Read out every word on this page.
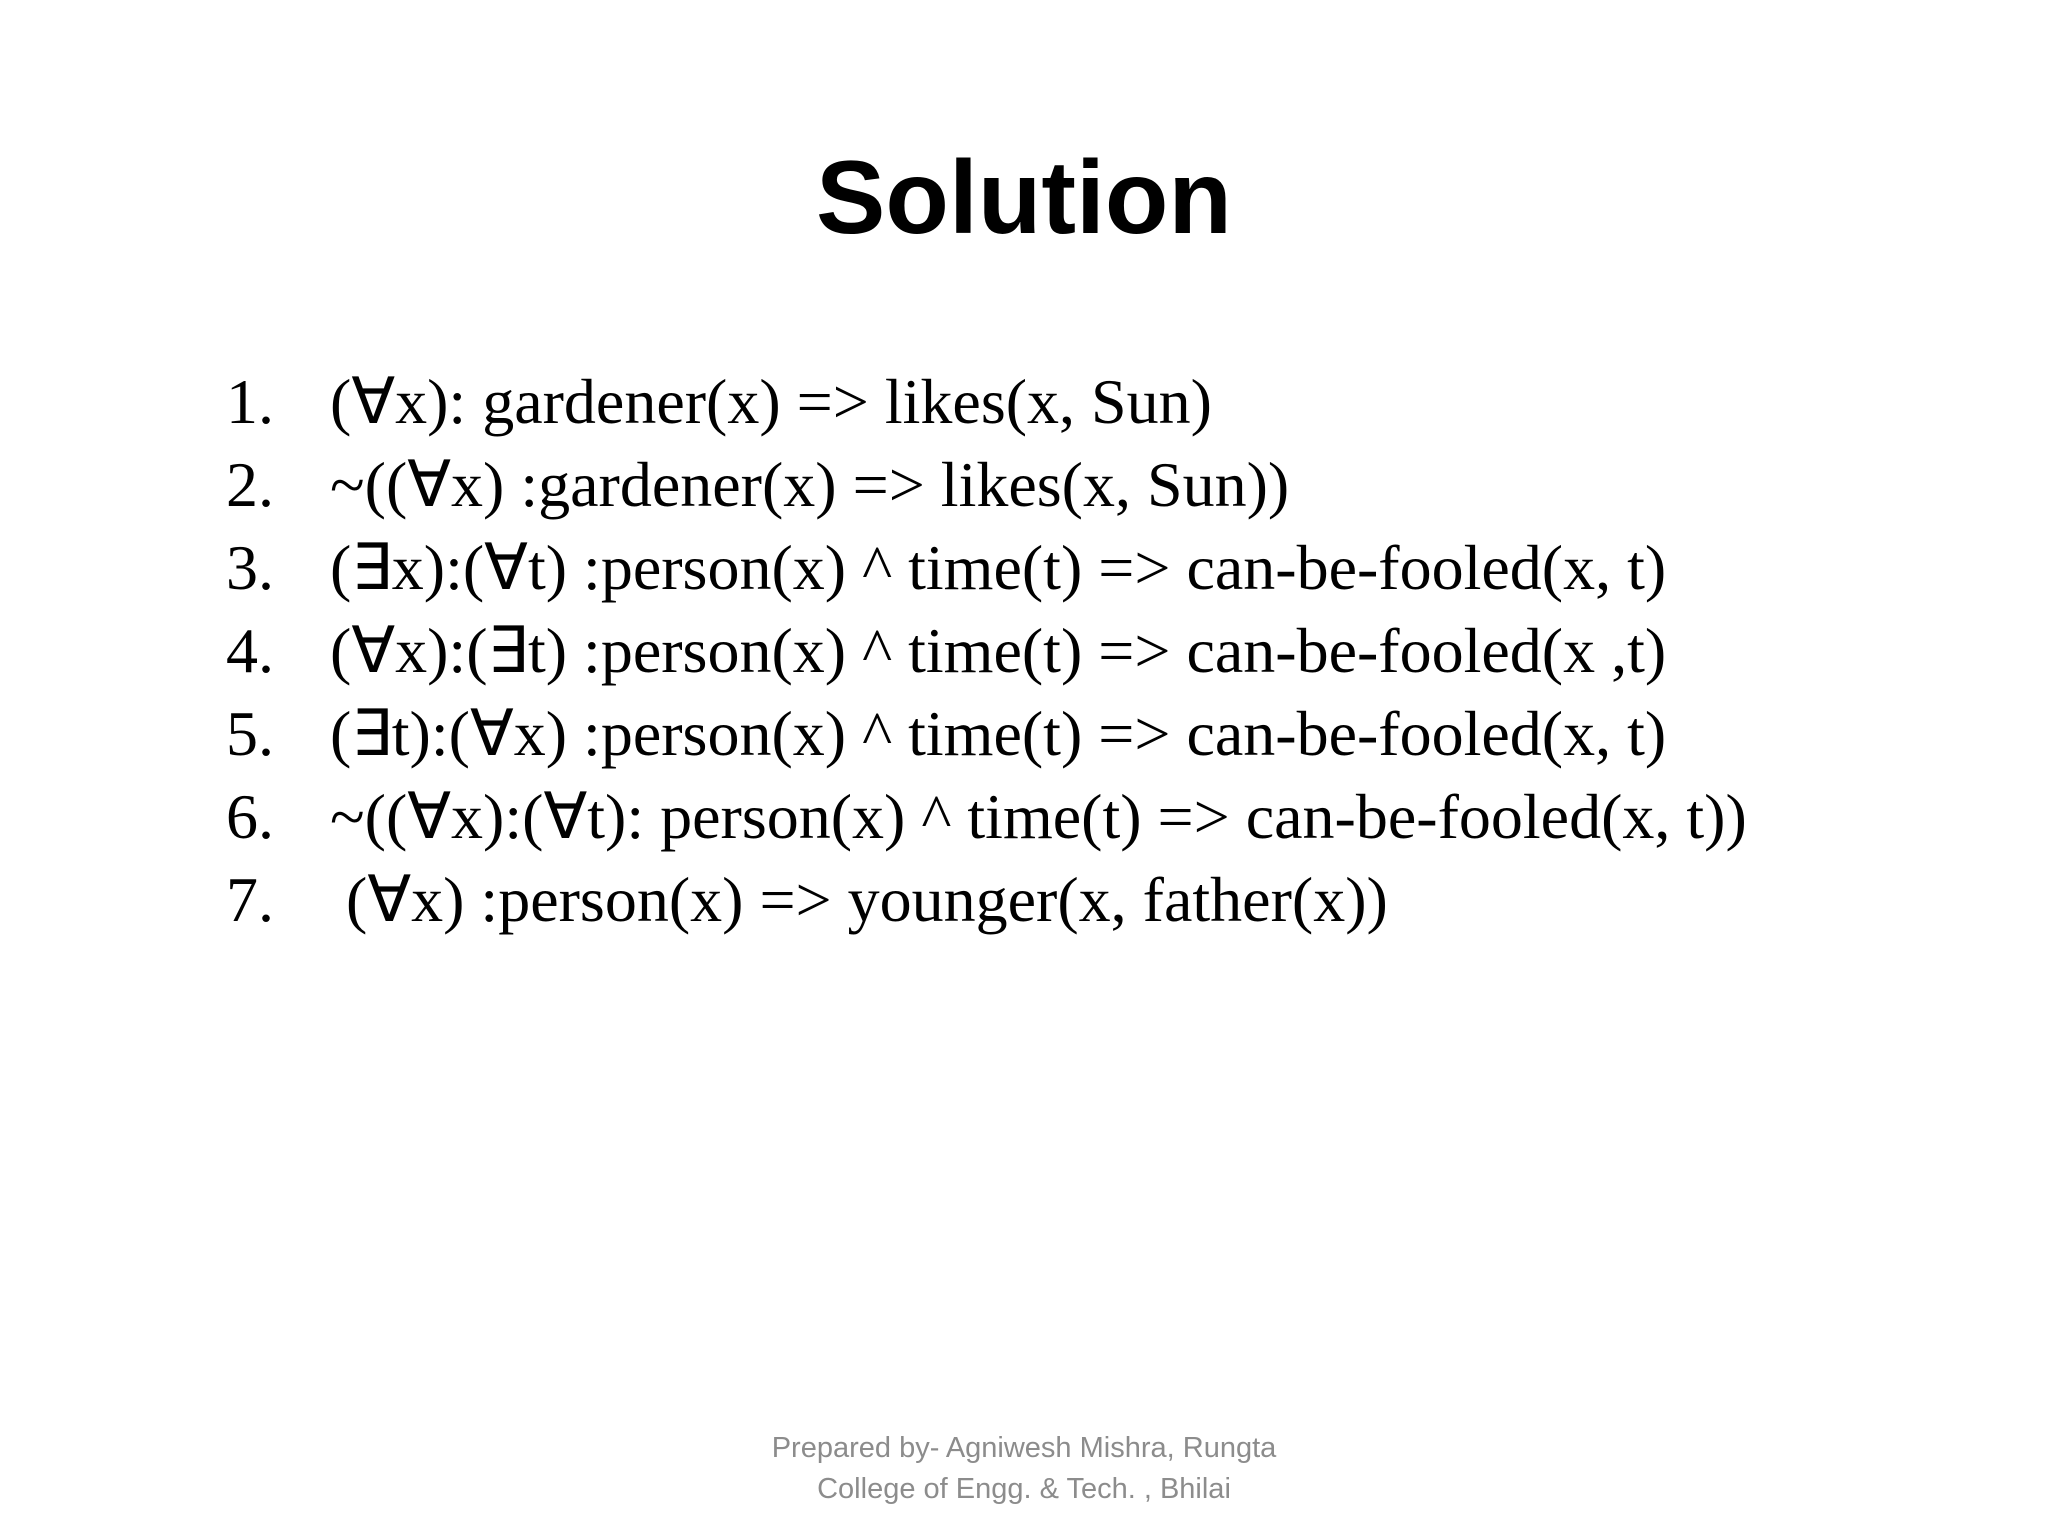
Solution
1. (∀x): gardener(x) => likes(x, Sun)
2. ~((∀x) :gardener(x) => likes(x, Sun))
3. (∃x):(∀t) :person(x) ^ time(t) => can-be-fooled(x, t)
4. (∀x):(∃t) :person(x) ^ time(t) => can-be-fooled(x ,t)
5. (∃t):(∀x) :person(x) ^ time(t) => can-be-fooled(x, t)
6. ~((∀x):(∀t): person(x) ^ time(t) => can-be-fooled(x, t))
7. (∀x) :person(x) => younger(x, father(x))
Prepared by- Agniwesh Mishra, Rungta
College of Engg. & Tech. , Bhilai
